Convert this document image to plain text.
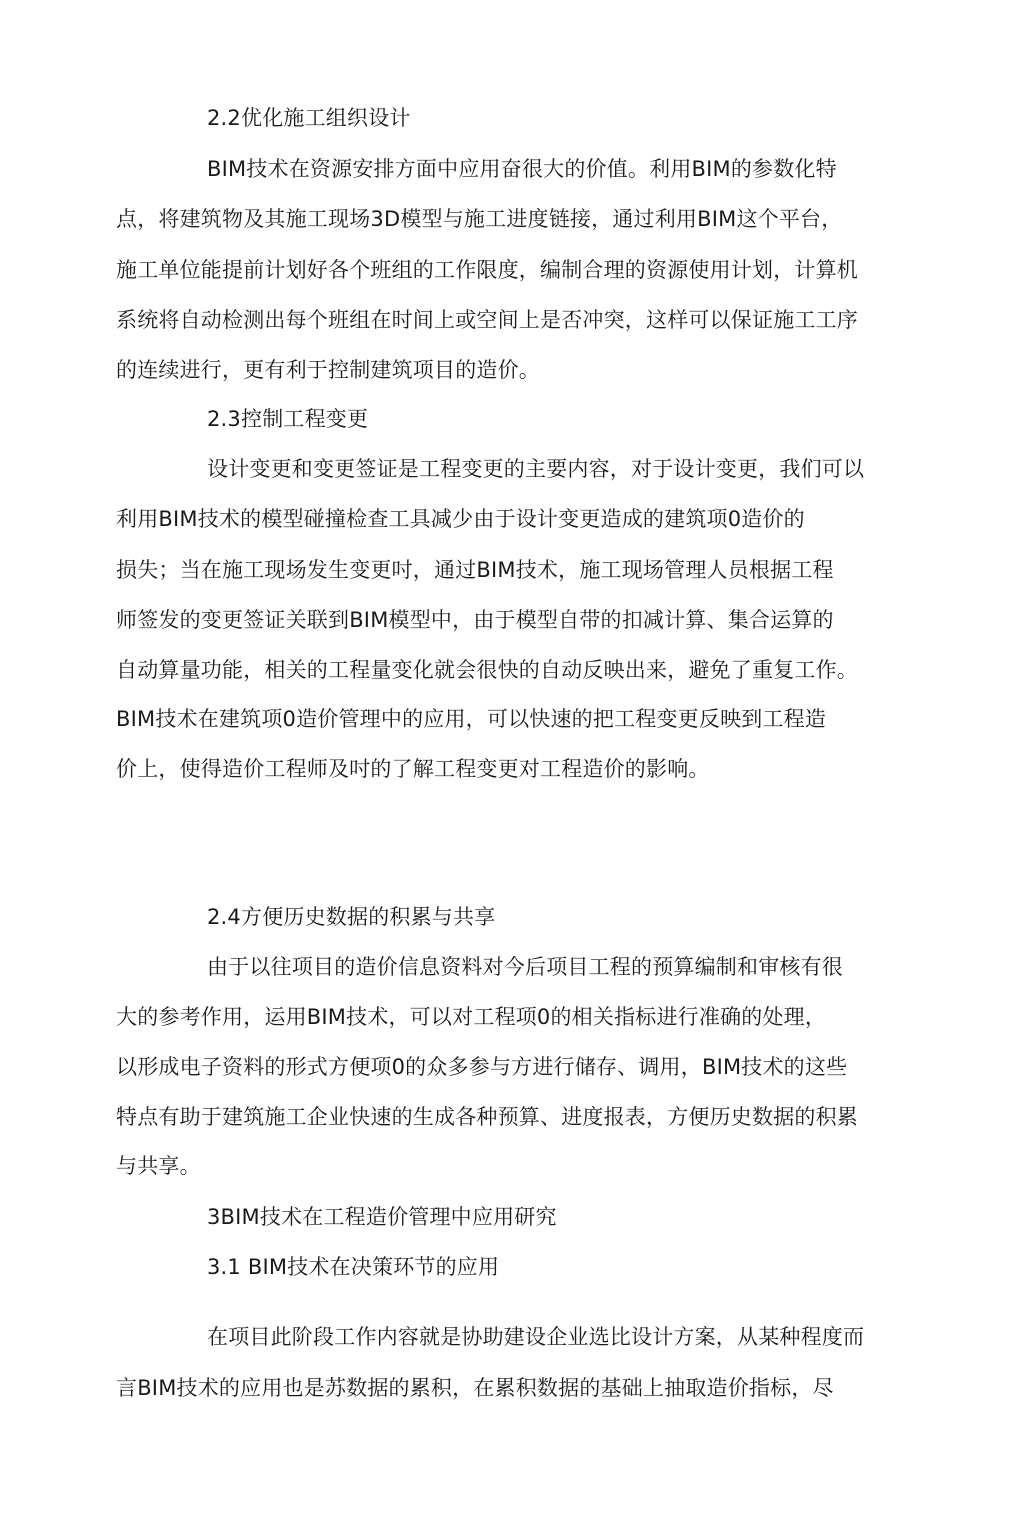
2.2优化施工组织设计
BIM技术在资源安排方面中应用奋很大的价值。利用BIM的参数化特
点，将建筑物及其施工现场3D模型与施工进度链接，通过利用BIM这个平台，
施工单位能提前计划好各个班组的工作限度，编制合理的资源使用计划，计算机
系统将自动检测出每个班组在时间上或空间上是否冲突，这样可以保证施工工序
的连续进行，更有利于控制建筑项目的造价。
2.3控制工程变更
设计变更和变更签证是工程变更的主要内容，对于设计变更，我们可以
利用BIM技术的模型碰撞检查工具减少由于设计变更造成的建筑项0造价的
损失；当在施工现场发生变更吋，通过BIM技术，施工现场管理人员根据工程
师签发的变更签证关联到BIM模型中，由于模型自带的扣减计算、集合运算的
自动算量功能，相关的工程量变化就会很快的自动反映出来，避免了重复工作。
BIM技术在建筑项0造价管理中的应用，可以快速的把工程变更反映到工程造
价上，使得造价工程师及吋的了解工程变更对工程造价的影响。
2.4方便历史数据的积累与共享
由于以往项目的造价信息资料对今后项目工程的预算编制和审核有很
大的参考作用，运用BIM技术，可以对工程项0的相关指标进行准确的处理，
以形成电子资料的形式方便项0的众多参与方进行储存、调用，BIM技术的这些
特点有助于建筑施工企业快速的生成各种预算、进度报表，方便历史数据的积累
与共享。
3BIM技术在工程造价管理中应用研究
3.1 BIM技术在决策环节的应用
在项目此阶段工作内容就是协助建设企业选比设计方案，从某种程度而
言BIM技术的应用也是苏数据的累积，在累积数据的基础上抽取造价指标，尽
